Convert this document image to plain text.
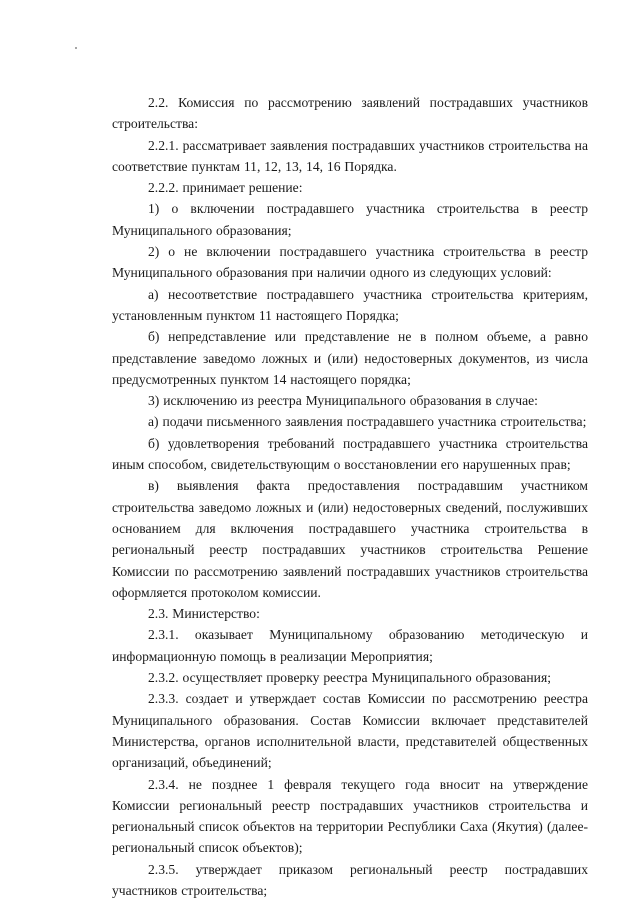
2.2. Комиссия по рассмотрению заявлений пострадавших участников строительства:

2.2.1. рассматривает заявления пострадавших участников строительства на соответствие пунктам 11, 12, 13, 14, 16 Порядка.

2.2.2. принимает решение:

1) о включении пострадавшего участника строительства в реестр Муниципального образования;

2) о не включении пострадавшего участника строительства в реестр Муниципального образования при наличии одного из следующих условий:

а) несоответствие пострадавшего участника строительства критериям, установленным пунктом 11 настоящего Порядка;

б) непредставление или представление не в полном объеме, а равно представление заведомо ложных и (или) недостоверных документов, из числа предусмотренных пунктом 14 настоящего порядка;

3) исключению из реестра Муниципального образования в случае:

а) подачи письменного заявления пострадавшего участника строительства;

б) удовлетворения требований пострадавшего участника строительства иным способом, свидетельствующим о восстановлении его нарушенных прав;

в) выявления факта предоставления пострадавшим участником строительства заведомо ложных и (или) недостоверных сведений, послуживших основанием для включения пострадавшего участника строительства в региональный реестр пострадавших участников строительства Решение Комиссии по рассмотрению заявлений пострадавших участников строительства оформляется протоколом комиссии.

2.3. Министерство:

2.3.1. оказывает Муниципальному образованию методическую и информационную помощь в реализации Мероприятия;

2.3.2. осуществляет проверку реестра Муниципального образования;

2.3.3. создает и утверждает состав Комиссии по рассмотрению реестра Муниципального образования. Состав Комиссии включает представителей Министерства, органов исполнительной власти, представителей общественных организаций, объединений;

2.3.4. не позднее 1 февраля текущего года вносит на утверждение Комиссии региональный реестр пострадавших участников строительства и региональный список объектов на территории Республики Саха (Якутия) (далее-региональный список объектов);

2.3.5. утверждает приказом региональный реестр пострадавших участников строительства;
